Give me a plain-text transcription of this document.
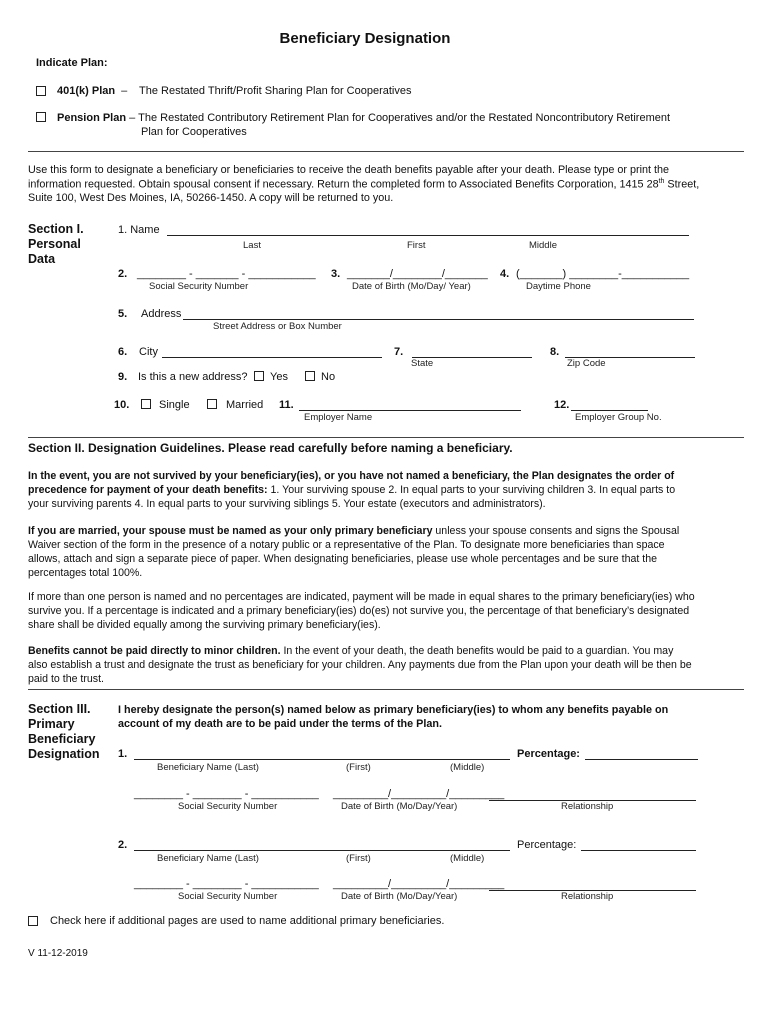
Beneficiary Designation
Indicate Plan:
401(k) Plan – The Restated Thrift/Profit Sharing Plan for Cooperatives
Pension Plan – The Restated Contributory Retirement Plan for Cooperatives and/or the Restated Noncontributory Retirement
Plan for Cooperatives
Use this form to designate a beneficiary or beneficiaries to receive the death benefits payable after your death. Please type or print the
information requested. Obtain spousal consent if necessary. Return the completed form to Associated Benefits Corporation, 1415 28th Street,
Suite 100, West Des Moines, IA, 50266-1450. A copy will be returned to you.
Section I. Personal Data
1. Name
Last	First	Middle
2. ________ - _______ - ___________
Social Security Number
3. _______/________/_______
Date of Birth (Mo/Day/ Year)
4. (_______) ________-___________
Daytime Phone
5. Address
Street Address or Box Number
6. City	7.
State
8.
Zip Code
9. Is this a new address? Yes	No
10.	Single	Married 11.
Employer Name
12.
Employer Group No.
Section II. Designation Guidelines. Please read carefully before naming a beneficiary.
In the event, you are not survived by your beneficiary(ies), or you have not named a beneficiary, the Plan designates the order of
precedence for payment of your death benefits: 1. Your surviving spouse 2. In equal parts to your surviving children 3. In equal parts to
your surviving parents 4. In equal parts to your surviving siblings 5. Your estate (executors and administrators).
If you are married, your spouse must be named as your only primary beneficiary unless your spouse consents and signs the Spousal
Waiver section of the form in the presence of a notary public or a representative of the Plan. To designate more beneficiaries than space
allows, attach and sign a separate piece of paper. When designating beneficiaries, please use whole percentages and be sure that the
percentages total 100%.
If more than one person is named and no percentages are indicated, payment will be made in equal shares to the primary beneficiary(ies) who
survive you. If a percentage is indicated and a primary beneficiary(ies) do(es) not survive you, the percentage of that beneficiary’s designated
share shall be divided equally among the surviving primary beneficiary(ies).
Benefits cannot be paid directly to minor children. In the event of your death, the death benefits would be paid to a guardian. You may
also establish a trust and designate the trust as beneficiary for your children. Any payments due from the Plan upon your death will be then be
paid to the trust.
Section III. Primary Beneficiary Designation
I hereby designate the person(s) named below as primary beneficiary(ies) to whom any benefits payable on
account of my death are to be paid under the terms of the Plan.
1.	Percentage:
Beneficiary Name (Last)	(First)	(Middle)
________ - ________ - ___________ _________/_________/_________
Social Security Number	Date of Birth (Mo/Day/Year)	Relationship
2.	Percentage:
Beneficiary Name (Last)	(First)	(Middle)
________ - ________ - ___________ _________/_________/_________
Social Security Number	Date of Birth (Mo/Day/Year)	Relationship
Check here if additional pages are used to name additional primary beneficiaries.
V 11-12-2019
